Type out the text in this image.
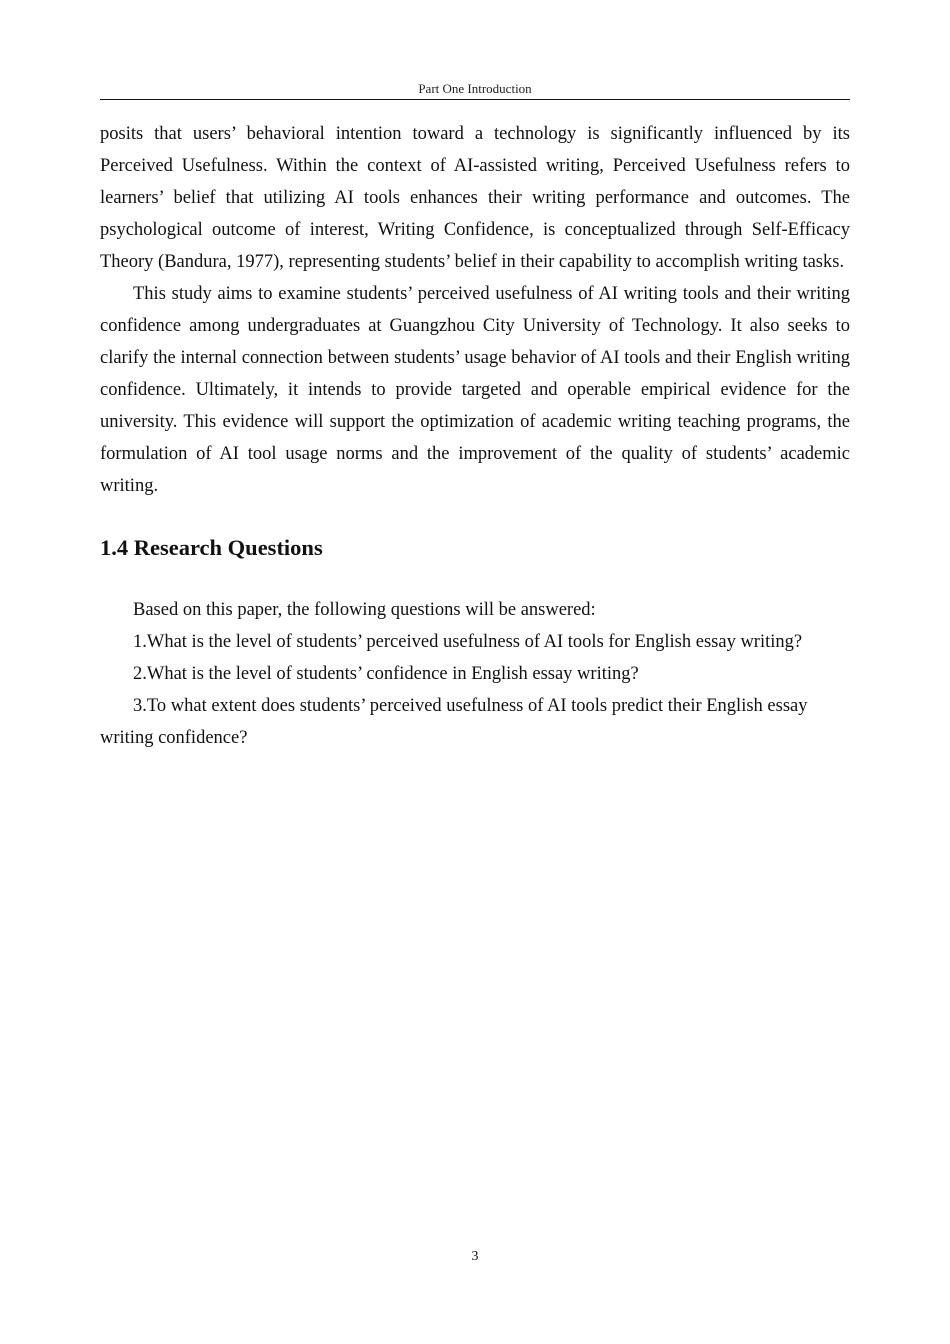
Part One Introduction

posits that users’ behavioral intention toward a technology is significantly influenced by its Perceived Usefulness. Within the context of AI-assisted writing, Perceived Usefulness refers to learners’ belief that utilizing AI tools enhances their writing performance and outcomes. The psychological outcome of interest, Writing Confidence, is conceptualized through Self-Efficacy Theory (Bandura, 1977), representing students’ belief in their capability to accomplish writing tasks.

This study aims to examine students’ perceived usefulness of AI writing tools and their writing confidence among undergraduates at Guangzhou City University of Technology. It also seeks to clarify the internal connection between students’ usage behavior of AI tools and their English writing confidence. Ultimately, it intends to provide targeted and operable empirical evidence for the university. This evidence will support the optimization of academic writing teaching programs, the formulation of AI tool usage norms and the improvement of the quality of students’ academic writing.

1.4 Research Questions

Based on this paper, the following questions will be answered:

1.What is the level of students’ perceived usefulness of AI tools for English essay writing?

2.What is the level of students’ confidence in English essay writing?

3.To what extent does students’ perceived usefulness of AI tools predict their English essay writing confidence?

3
